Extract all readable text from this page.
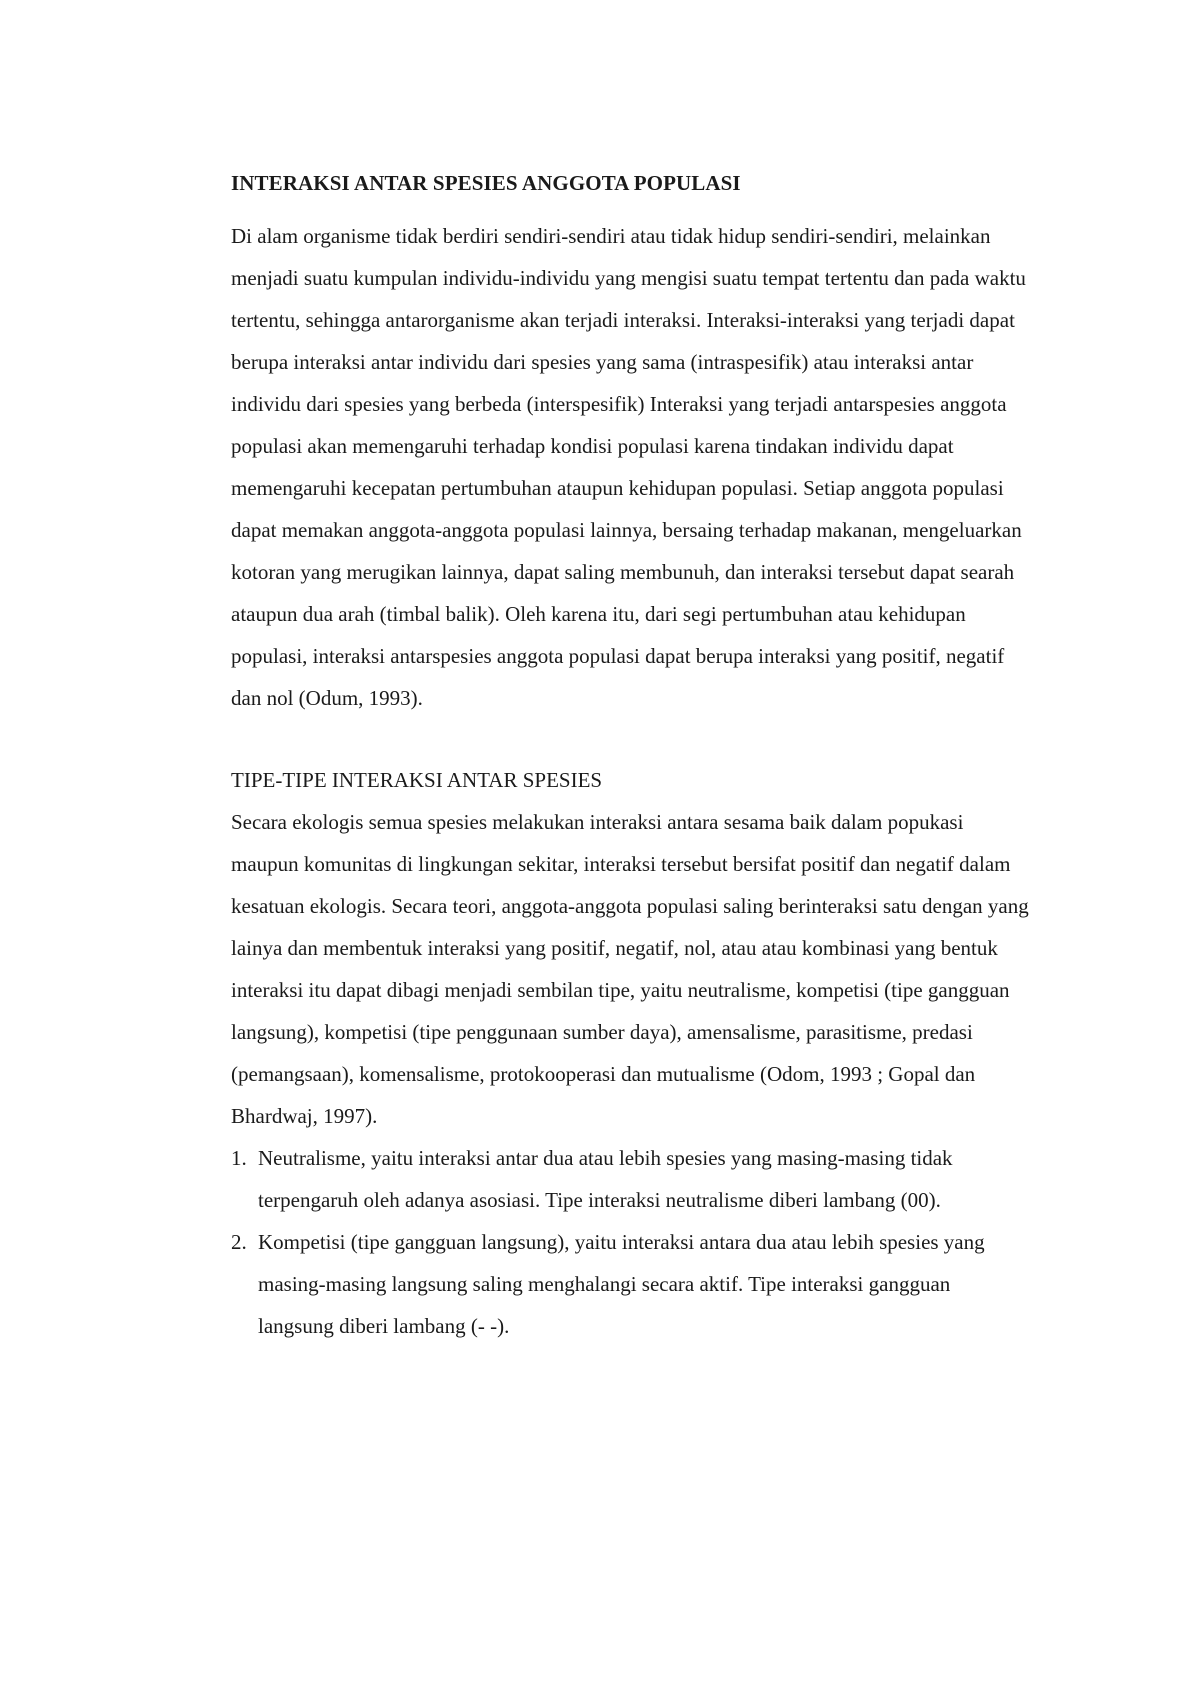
INTERAKSI ANTAR SPESIES ANGGOTA POPULASI

Di alam organisme tidak berdiri sendiri-sendiri atau tidak hidup sendiri-sendiri, melainkan menjadi suatu kumpulan individu-individu yang mengisi suatu tempat tertentu dan pada waktu tertentu, sehingga antarorganisme akan terjadi interaksi. Interaksi-interaksi yang terjadi dapat berupa interaksi antar individu dari spesies yang sama (intraspesifik) atau interaksi antar individu dari spesies yang berbeda (interspesifik) Interaksi yang terjadi antarspesies anggota populasi akan memengaruhi terhadap kondisi populasi karena tindakan individu dapat memengaruhi kecepatan pertumbuhan ataupun kehidupan populasi. Setiap anggota populasi dapat memakan anggota-anggota populasi lainnya, bersaing terhadap makanan, mengeluarkan kotoran yang merugikan lainnya, dapat saling membunuh, dan interaksi tersebut dapat searah ataupun dua arah (timbal balik). Oleh karena itu, dari segi pertumbuhan atau kehidupan populasi, interaksi antarspesies anggota populasi dapat berupa interaksi yang positif, negatif dan nol (Odum, 1993).

TIPE-TIPE INTERAKSI ANTAR SPESIES

Secara ekologis semua spesies melakukan interaksi antara sesama baik dalam popukasi maupun komunitas di lingkungan sekitar, interaksi tersebut bersifat positif dan negatif dalam kesatuan ekologis. Secara teori, anggota-anggota populasi saling berinteraksi satu dengan yang lainya dan membentuk interaksi yang positif, negatif, nol, atau atau kombinasi yang bentuk interaksi itu dapat dibagi menjadi sembilan tipe, yaitu neutralisme, kompetisi (tipe gangguan langsung), kompetisi (tipe penggunaan sumber daya), amensalisme, parasitisme, predasi (pemangsaan), komensalisme, protokooperasi dan mutualisme (Odom, 1993 ; Gopal dan Bhardwaj, 1997).

1. Neutralisme, yaitu interaksi antar dua atau lebih spesies yang masing-masing tidak terpengaruh oleh adanya asosiasi. Tipe interaksi neutralisme diberi lambang (00).
2. Kompetisi (tipe gangguan langsung), yaitu interaksi antara dua atau lebih spesies yang masing-masing langsung saling menghalangi secara aktif. Tipe interaksi gangguan langsung diberi lambang (- -).
